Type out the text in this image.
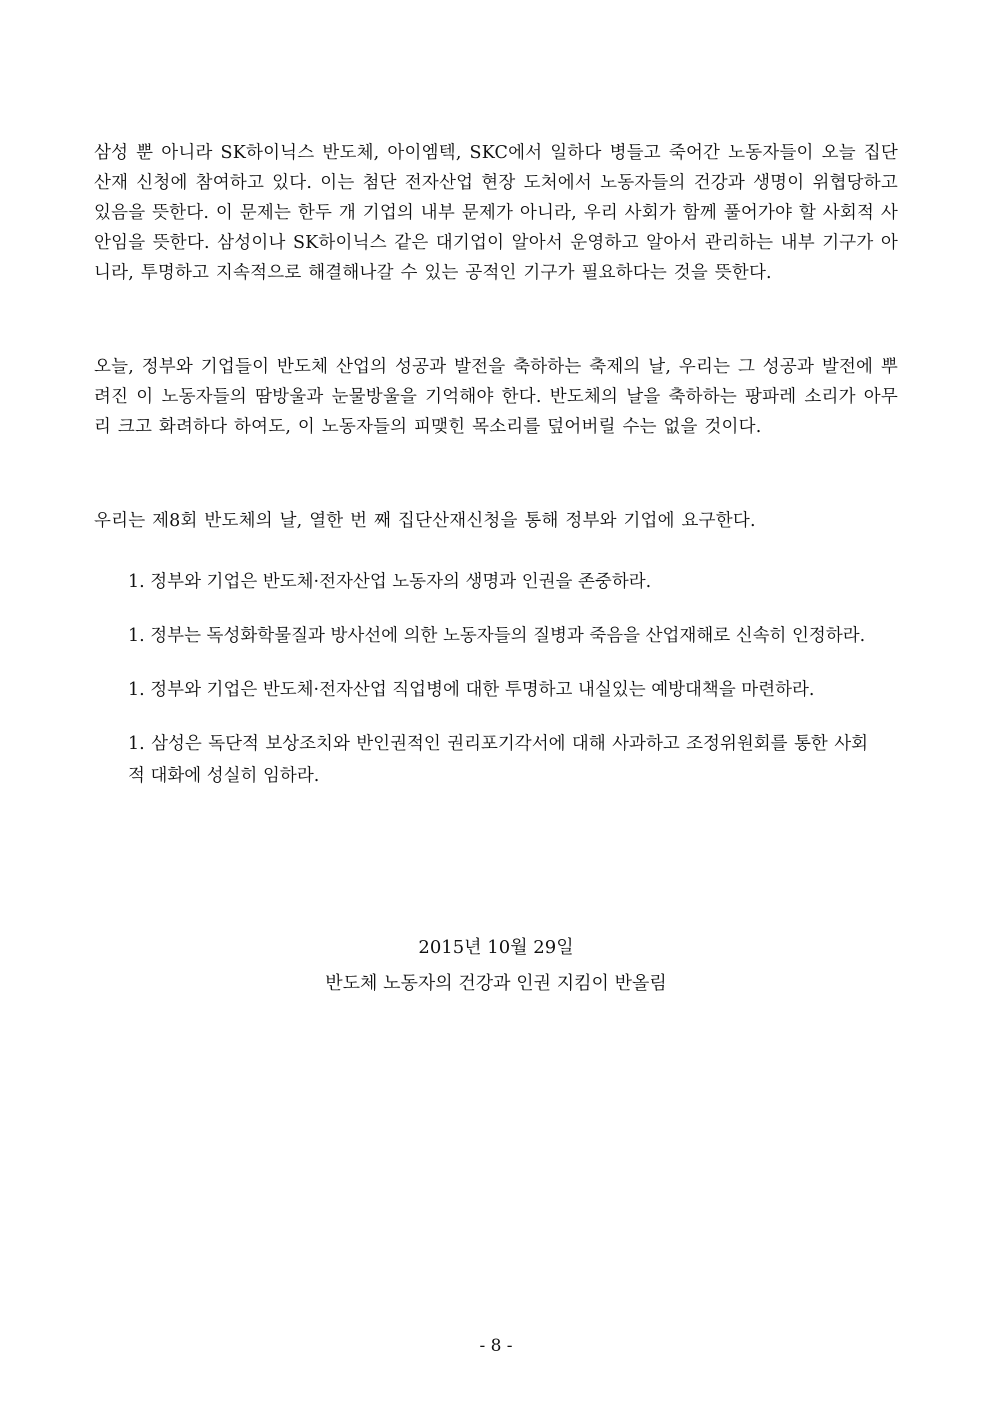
삼성 뿐 아니라 SK하이닉스 반도체, 아이엠텍, SKC에서 일하다 병들고 죽어간 노동자들이 오늘 집단 산재 신청에 참여하고 있다. 이는 첨단 전자산업 현장 도처에서 노동자들의 건강과 생명이 위협당하고 있음을 뜻한다. 이 문제는 한두 개 기업의 내부 문제가 아니라, 우리 사회가 함께 풀어가야 할 사회적 사안임을 뜻한다. 삼성이나 SK하이닉스 같은 대기업이 알아서 운영하고 알아서 관리하는 내부 기구가 아니라, 투명하고 지속적으로 해결해나갈 수 있는 공적인 기구가 필요하다는 것을 뜻한다.

오늘, 정부와 기업들이 반도체 산업의 성공과 발전을 축하하는 축제의 날, 우리는 그 성공과 발전에 뿌려진 이 노동자들의 땀방울과 눈물방울을 기억해야 한다. 반도체의 날을 축하하는 팡파레 소리가 아무리 크고 화려하다 하여도, 이 노동자들의 피맺힌 목소리를 덮어버릴 수는 없을 것이다.

우리는 제8회 반도체의 날, 열한 번 째 집단산재신청을 통해 정부와 기업에 요구한다.

1. 정부와 기업은 반도체·전자산업 노동자의 생명과 인권을 존중하라.
1. 정부는 독성화학물질과 방사선에 의한 노동자들의 질병과 죽음을 산업재해로 신속히 인정하라.
1. 정부와 기업은 반도체·전자산업 직업병에 대한 투명하고 내실있는 예방대책을 마련하라.
1. 삼성은 독단적 보상조치와 반인권적인 권리포기각서에 대해 사과하고 조정위원회를 통한 사회적 대화에 성실히 임하라.
2015년 10월 29일
반도체 노동자의 건강과 인권 지킴이 반올림
- 8 -
